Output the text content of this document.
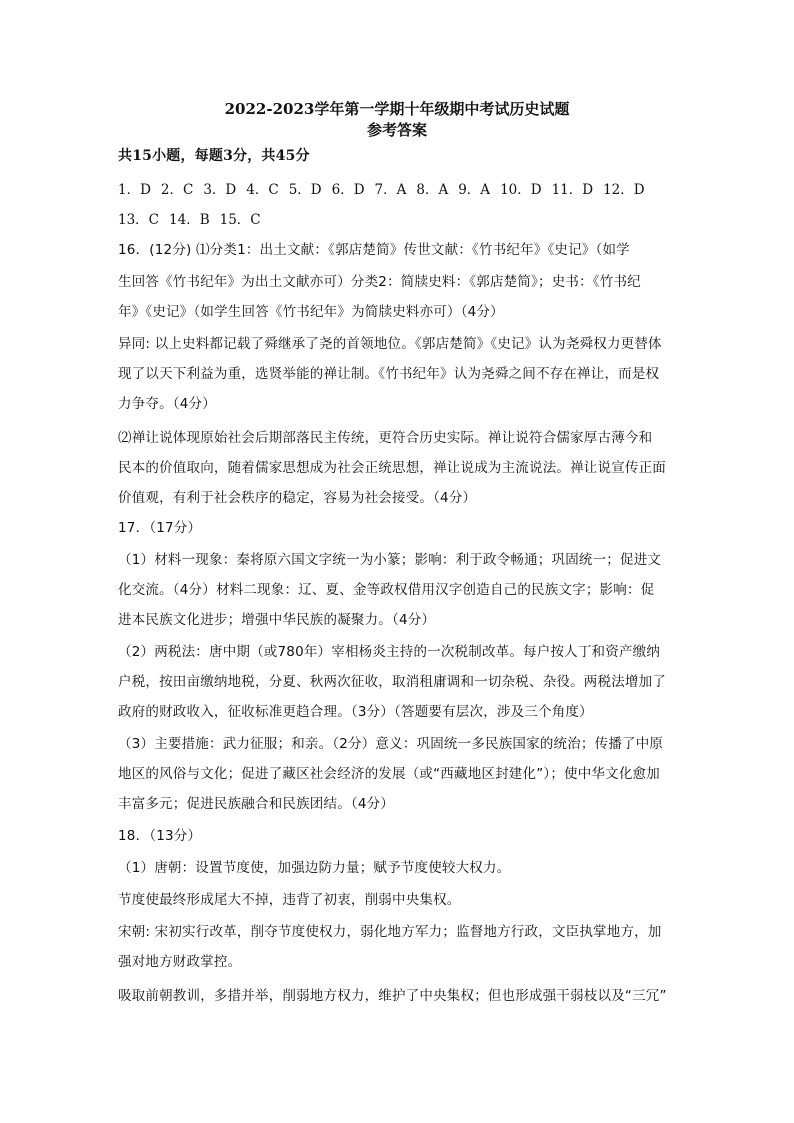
2022-2023学年第一学期十年级期中考试历史试题
参考答案
共15小题，每题3分，共45分
1．D 2．C 3．D 4．C 5．D 6．D 7．A 8．A 9．A 10．D 11．D 12．D
13．C 14．B 15．C
16．(12分) ⑴分类1：出土文献：《郭店楚简》传世文献：《竹书纪年》《史记》（如学
生回答《竹书纪年》为出土文献亦可）分类2：简牍史料：《郭店楚简》；史书：《竹书纪
年》《史记》（如学生回答《竹书纪年》为简牍史料亦可）（4分）
异同: 以上史料都记载了舜继承了尧的首领地位。《郭店楚简》《史记》认为尧舜权力更替体
现了以天下利益为重，选贤举能的禅让制。《竹书纪年》认为尧舜之间不存在禅让，而是权
力争夺。（4分）
⑵禅让说体现原始社会后期部落民主传统，更符合历史实际。禅让说符合儒家厚古薄今和
民本的价值取向，随着儒家思想成为社会正统思想，禅让说成为主流说法。禅让说宣传正面
价值观，有利于社会秩序的稳定，容易为社会接受。（4分）
17．（17分）
（1）材料一现象：秦将原六国文字统一为小篆；影响：利于政令畅通；巩固统一；促进文
化交流。（4分）材料二现象：辽、夏、金等政权借用汉字创造自己的民族文字；影响：促
进本民族文化进步；增强中华民族的凝聚力。（4分）
（2）两税法：唐中期（或780年）宰相杨炎主持的一次税制改革。每户按人丁和资产缴纳
户税，按田亩缴纳地税，分夏、秋两次征收，取消租庸调和一切杂税、杂役。两税法增加了
政府的财政收入，征收标准更趋合理。（3分）（答题要有层次，涉及三个角度）
（3）主要措施：武力征服；和亲。（2分）意义：巩固统一多民族国家的统治；传播了中原
地区的风俗与文化；促进了藏区社会经济的发展（或“西藏地区封建化”）；使中华文化愈加
丰富多元；促进民族融合和民族团结。（4分）
18．（13分）
（1）唐朝：设置节度使，加强边防力量；赋予节度使较大权力。
节度使最终形成尾大不掉，违背了初衷，削弱中央集权。
宋朝: 宋初实行改革，削夺节度使权力，弱化地方军力；监督地方行政，文臣执掌地方，加
强对地方财政掌控。
吸取前朝教训，多措并举，削弱地方权力，维护了中央集权；但也形成强干弱枝以及“三冗”
